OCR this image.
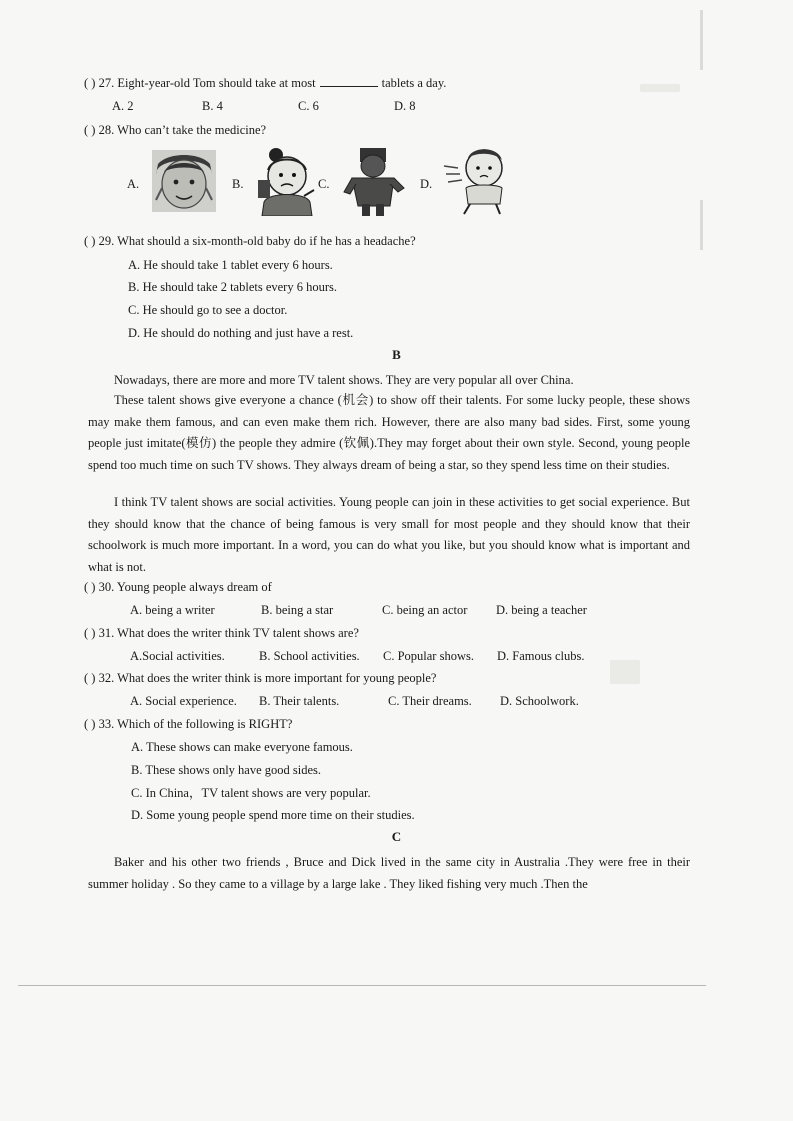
( ) 27. Eight-year-old Tom should take at most	tablets a day.
A. 2	B. 4	C. 6	D. 8
( ) 28. Who can’t take the medicine?
A.	B.	C.	D.
( ) 29. What should a six-month-old baby do if he has a headache?
A. He should take 1 tablet every 6 hours.
B. He should take 2 tablets every 6 hours.
C. He should go to see a doctor.
D. He should do nothing and just have a rest.
B
Nowadays, there are more and more TV talent shows. They are very popular all over China.
These talent shows give everyone a chance (机会) to show off their talents. For some lucky people, these shows may make them famous, and can even make them rich. However, there are also many bad sides. First, some young people just imitate(模仿) the people they admire (钦佩).They may forget about their own style. Second, young people spend too much time on such TV shows. They always dream of being a star, so they spend less time on their studies.
I think TV talent shows are social activities. Young people can join in these activities to get social experience. But they should know that the chance of being famous is very small for most people and they should know that their schoolwork is much more important. In a word, you can do what you like, but you should know what is important and what is not.
( ) 30. Young people always dream of
A. being a writer	B. being a star	C. being an actor D. being a teacher
( ) 31. What does the writer think TV talent shows are?
A.Social activities.	B. School activities. C. Popular shows. D. Famous clubs.
( ) 32. What does the writer think is more important for young people?
A. Social experience. B. Their talents.	C. Their dreams. D. Schoolwork.
( ) 33. Which of the following is RIGHT?
A. These shows can make everyone famous.
B. These shows only have good sides.
C. In China，TV talent shows are very popular.
D. Some young people spend more time on their studies.
C
Baker and his other two friends , Bruce and Dick lived in the same city in Australia .They were free in their summer holiday . So they came to a village by a large lake . They liked fishing very much .Then the
